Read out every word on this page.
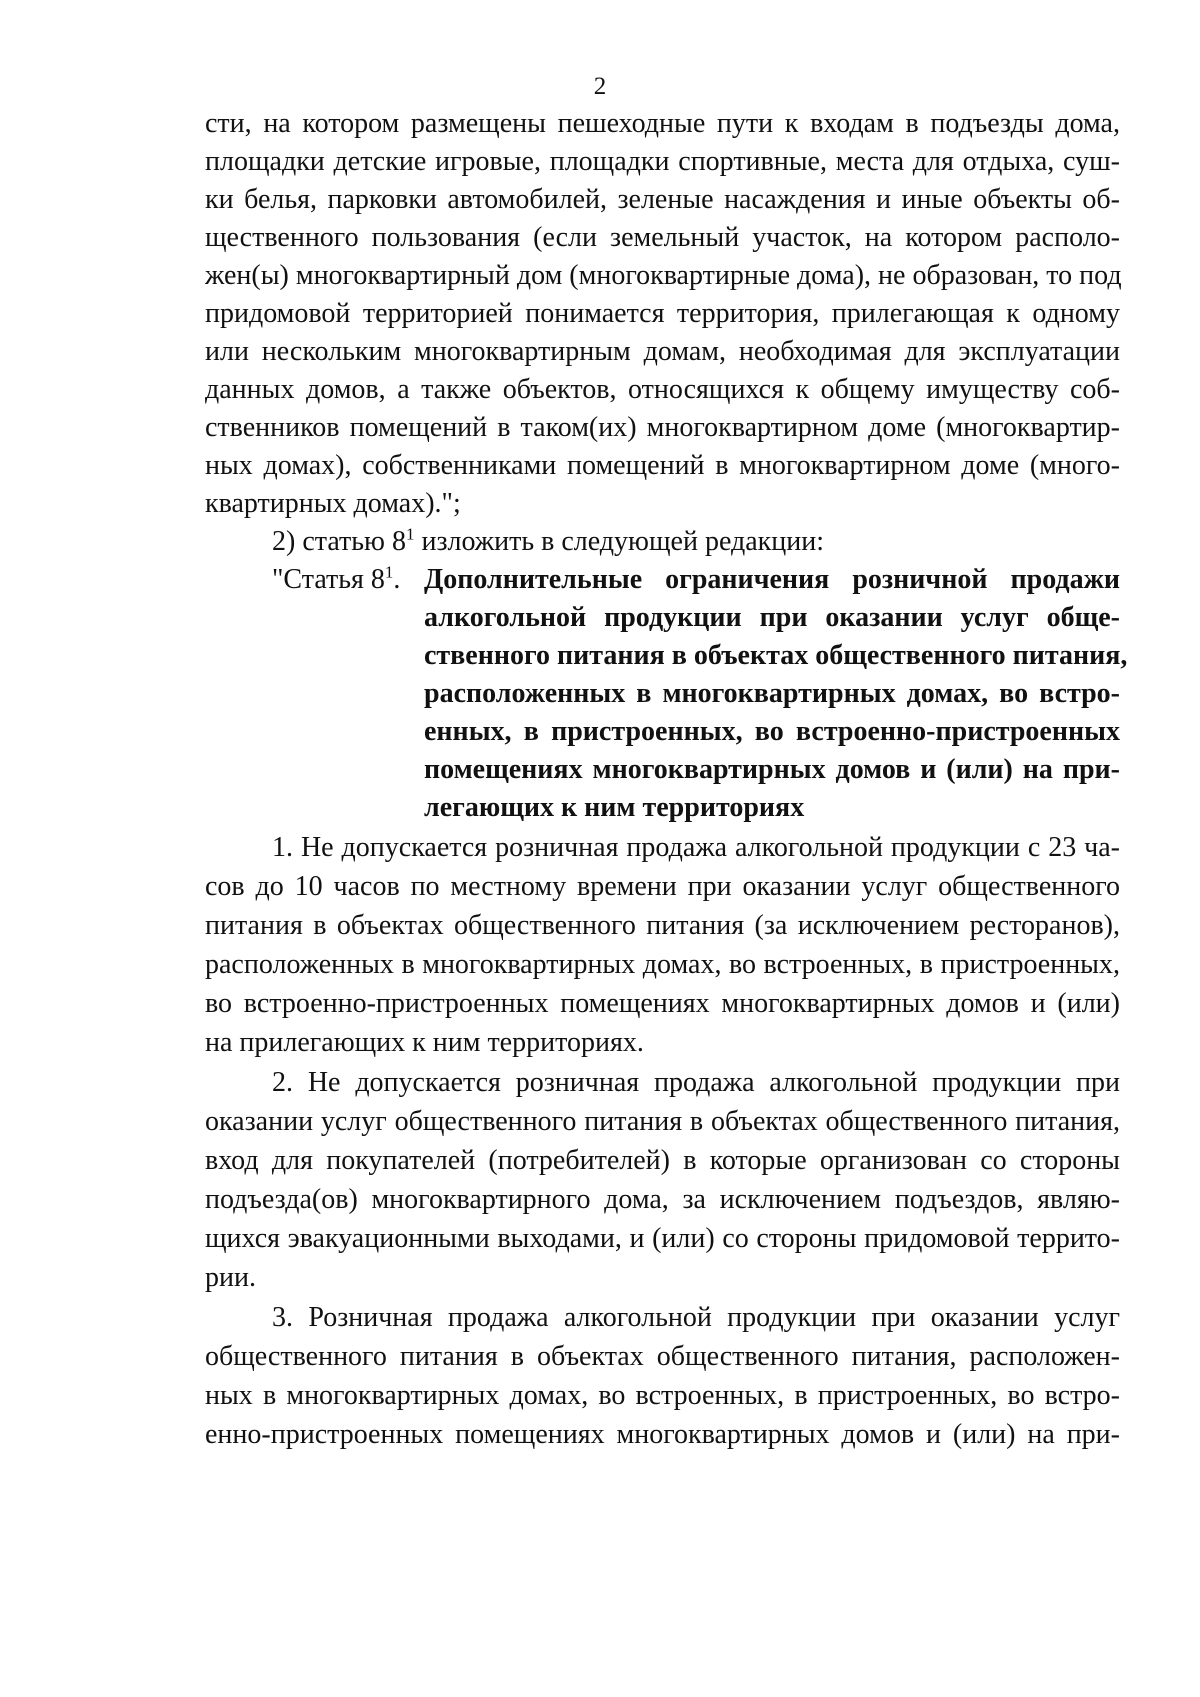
2
сти, на котором размещены пешеходные пути к входам в подъезды дома,
площадки детские игровые, площадки спортивные, места для отдыха, суш-
ки белья, парковки автомобилей, зеленые насаждения и иные объекты об-
щественного пользования (если земельный участок, на котором располо-
жен(ы) многоквартирный дом (многоквартирные дома), не образован, то под
придомовой территорией понимается территория, прилегающая к одному
или нескольким многоквартирным домам, необходимая для эксплуатации
данных домов, а также объектов, относящихся к общему имуществу соб-
ственников помещений в таком(их) многоквартирном доме (многоквартир-
ных домах), собственниками помещений в многоквартирном доме (много-
квартирных домах).";
2) статью $8^1$ изложить в следующей редакции:
"Статья $8^1$. Дополнительные ограничения розничной продажи
алкогольной продукции при оказании услуг обще-
ственного питания в объектах общественного питания,
расположенных в многоквартирных домах, во встро-
енных, в пристроенных, во встроенно-пристроенных
помещениях многоквартирных домов и (или) на при-
легающих к ним территориях
1. Не допускается розничная продажа алкогольной продукции с 23 ча-
сов до 10 часов по местному времени при оказании услуг общественного
питания в объектах общественного питания (за исключением ресторанов),
расположенных в многоквартирных домах, во встроенных, в пристроенных,
во встроенно-пристроенных помещениях многоквартирных домов и (или)
на прилегающих к ним территориях.
2. Не допускается розничная продажа алкогольной продукции при
оказании услуг общественного питания в объектах общественного питания,
вход для покупателей (потребителей) в которые организован со стороны
подъезда(ов) многоквартирного дома, за исключением подъездов, являю-
щихся эвакуационными выходами, и (или) со стороны придомовой террито-
рии.
3. Розничная продажа алкогольной продукции при оказании услуг
общественного питания в объектах общественного питания, расположен-
ных в многоквартирных домах, во встроенных, в пристроенных, во встро-
енно-пристроенных помещениях многоквартирных домов и (или) на при-
